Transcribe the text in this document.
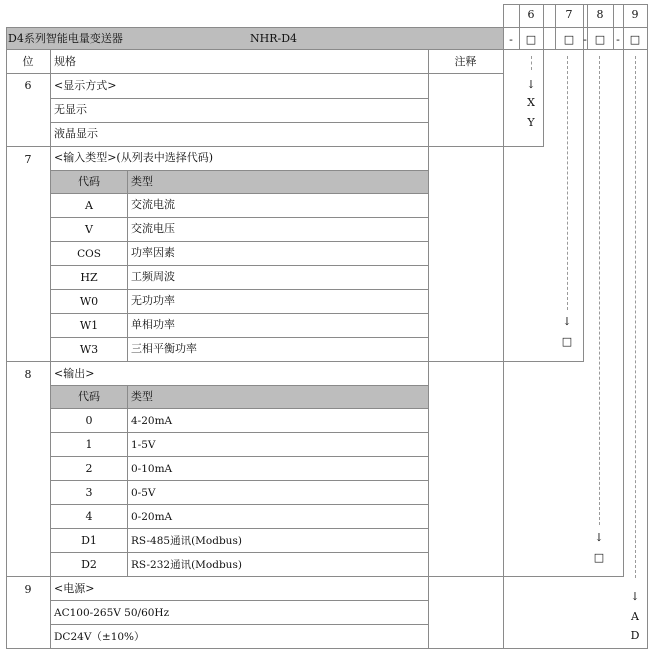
6	7	8	9
D4系列智能电量变送器	NHR-D4	-	□	□ - □ - □
位	规格	注释
6	<显示方式>
无显示
液晶显示
↓
X
Y
7	<输入类型>(从列表中选择代码)
代码	类型
A	交流电流
V	交流电压
COS	功率因素
HZ	工频周波
W0	无功功率
W1	单相功率
W3	三相平衡功率
↓
□
8	<输出>
代码	类型
0	4-20mA
1	1-5V
2	0-10mA
3	0-5V
4	0-20mA
D1	RS-485通讯(Modbus)
D2	RS-232通讯(Modbus)
↓
□
9	<电源>
AC100-265V 50/60Hz
DC24V（±10%）
↓
A
D
